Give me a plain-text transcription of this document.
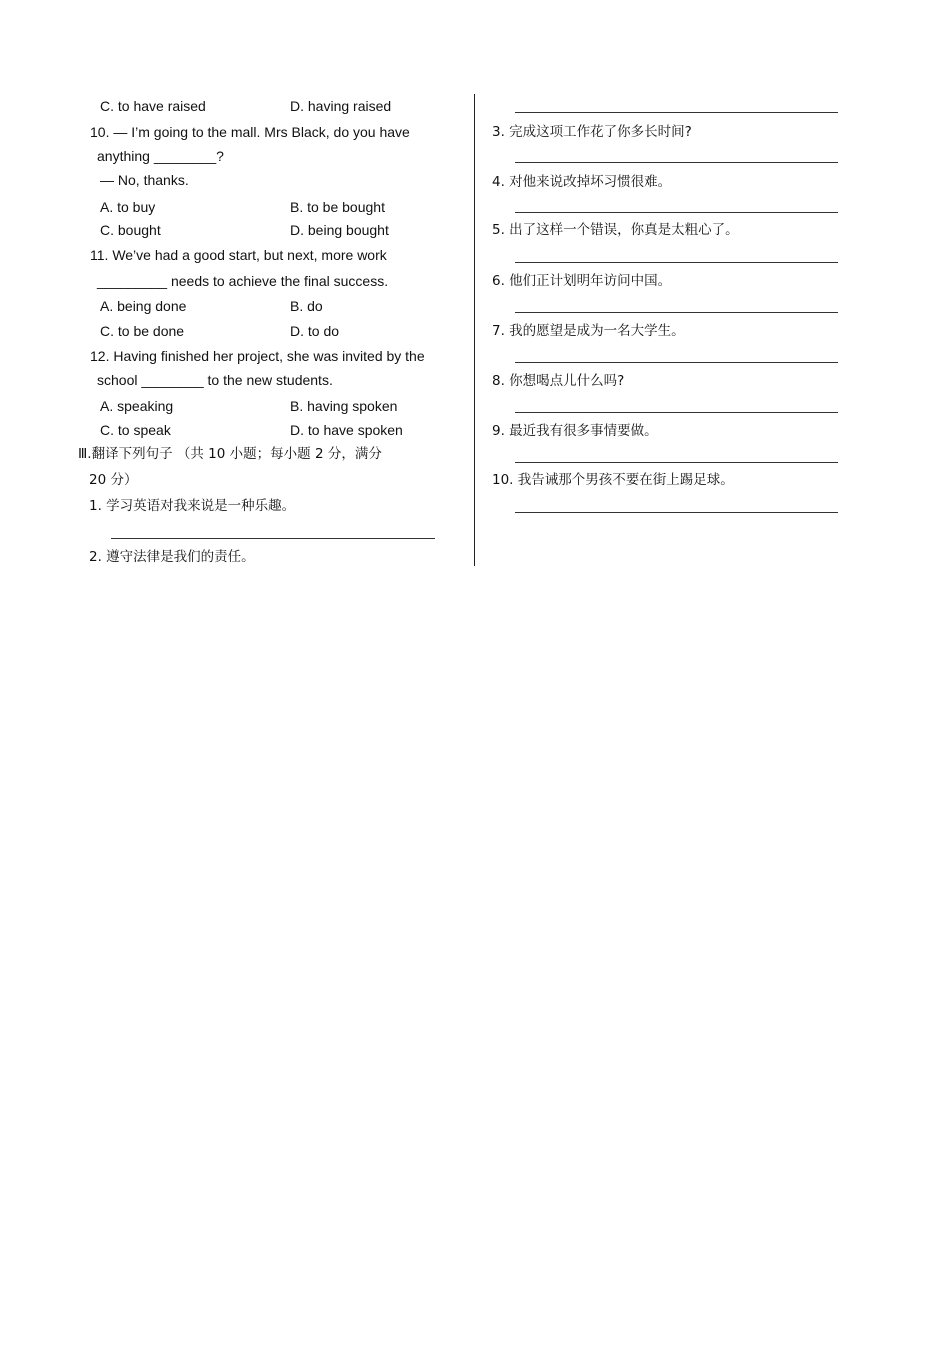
C. to have raised	D. having raised
10. — I’m going to the mall. Mrs Black, do you have
anything ________?
— No, thanks.
A. to buy	B. to be bought
C. bought	D. being bought
11. We’ve had a good start, but next, more work
_________ needs to achieve the final success.
A. being done	B. do
C. to be done	D. to do
12. Having finished her project, she was invited by the
school ________ to the new students.
A. speaking	B. having spoken
C. to speak	D. to have spoken
Ⅲ.翻译下列句子 （共 10 小题；每小题 2 分，满分
20 分）
1. 学习英语对我来说是一种乐趣。
2. 遵守法律是我们的责任。
3. 完成这项工作花了你多长时间?
4. 对他来说改掉坏习惯很难。
5. 出了这样一个错误，你真是太粗心了。
6. 他们正计划明年访问中国。
7. 我的愿望是成为一名大学生。
8. 你想喝点儿什么吗?
9. 最近我有很多事情要做。
10. 我告诫那个男孩不要在街上踢足球。
